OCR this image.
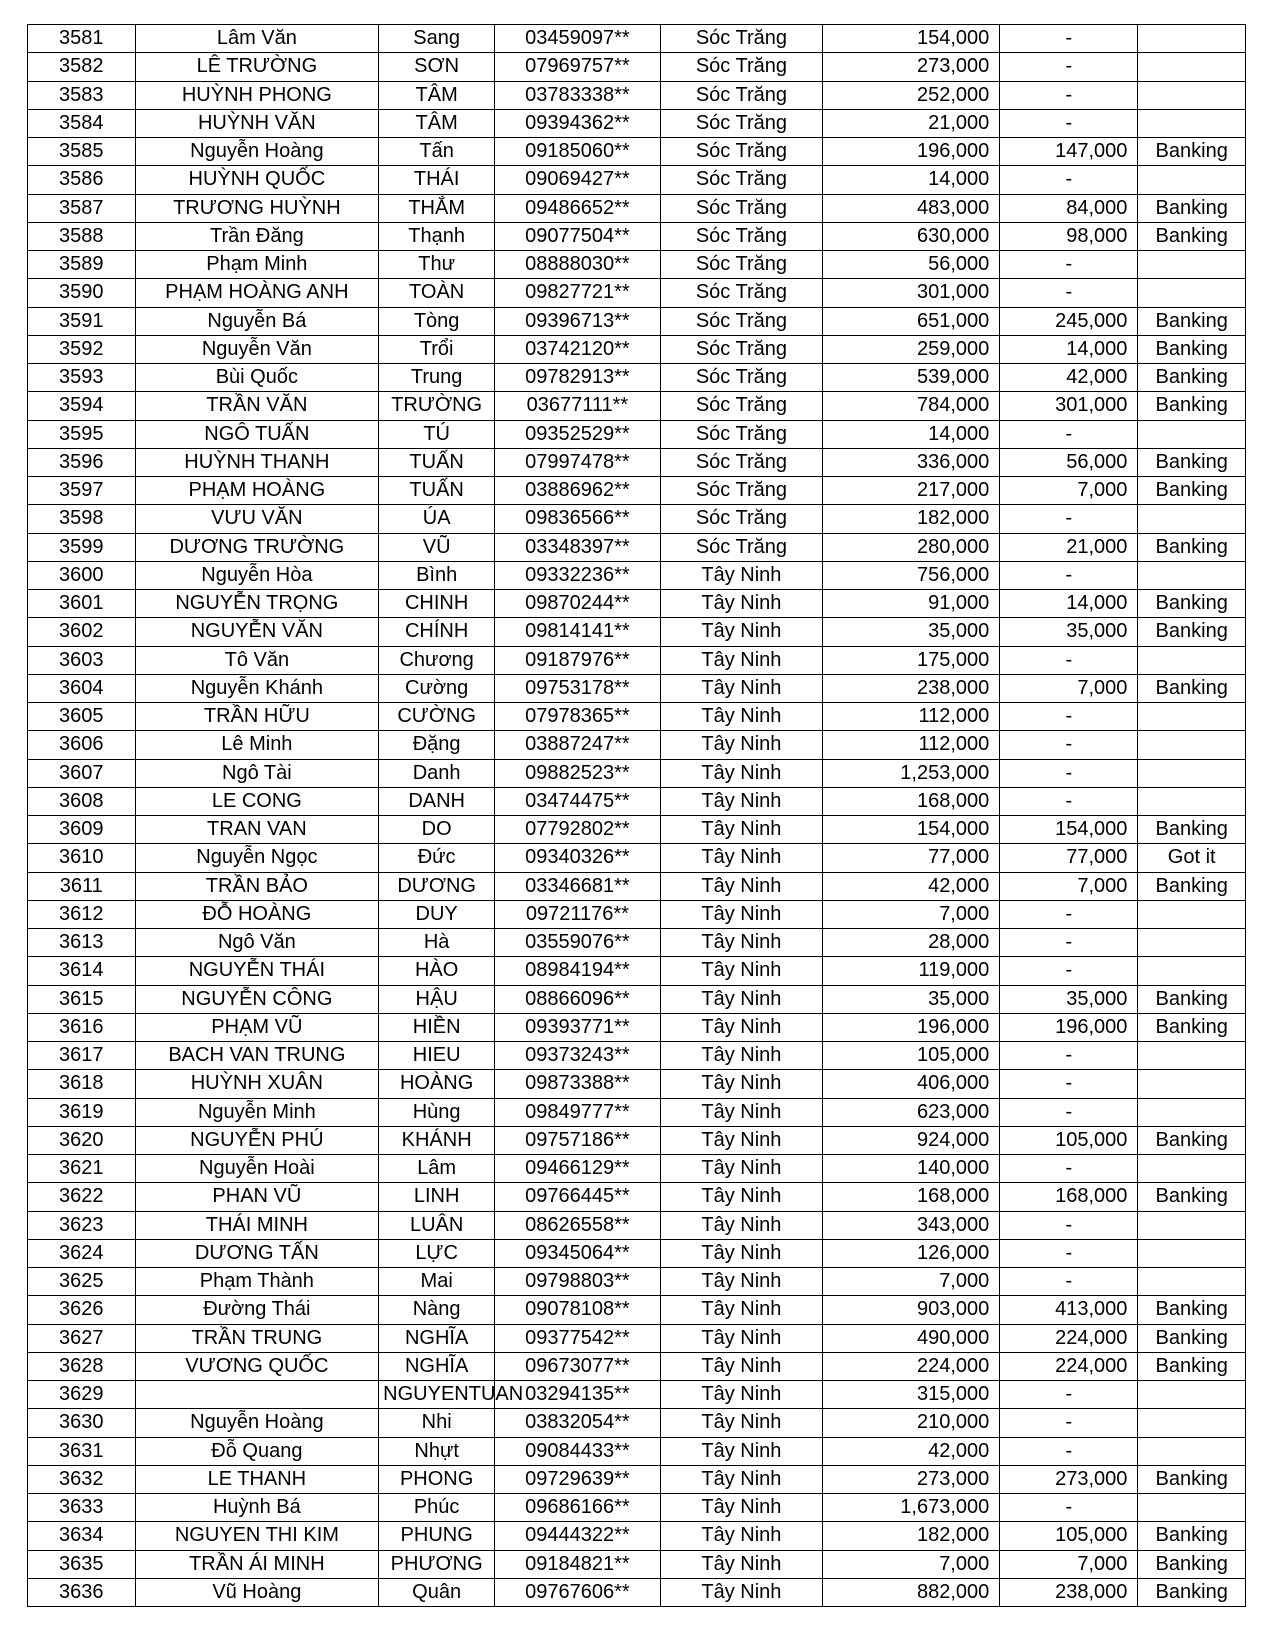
3581	Lâm Văn	Sang	03459097**	Sóc Trăng	154,000	-	
3582	LÊ TRƯỜNG	SƠN	07969757**	Sóc Trăng	273,000	-	
3583	HUỲNH PHONG	TÂM	03783338**	Sóc Trăng	252,000	-	
3584	HUỲNH VĂN	TÂM	09394362**	Sóc Trăng	21,000	-	
3585	Nguyễn Hoàng	Tấn	09185060**	Sóc Trăng	196,000	147,000	Banking
3586	HUỲNH QUỐC	THÁI	09069427**	Sóc Trăng	14,000	-	
3587	TRƯƠNG HUỲNH	THẮM	09486652**	Sóc Trăng	483,000	84,000	Banking
3588	Trần Đăng	Thạnh	09077504**	Sóc Trăng	630,000	98,000	Banking
3589	Phạm Minh	Thư	08888030**	Sóc Trăng	56,000	-	
3590	PHẠM HOÀNG ANH	TOÀN	09827721**	Sóc Trăng	301,000	-	
3591	Nguyễn Bá	Tòng	09396713**	Sóc Trăng	651,000	245,000	Banking
3592	Nguyễn Văn	Trổi	03742120**	Sóc Trăng	259,000	14,000	Banking
3593	Bùi Quốc	Trung	09782913**	Sóc Trăng	539,000	42,000	Banking
3594	TRẦN VĂN	TRƯỜNG	03677111**	Sóc Trăng	784,000	301,000	Banking
3595	NGÔ TUẤN	TÚ	09352529**	Sóc Trăng	14,000	-	
3596	HUỲNH THANH	TUẤN	07997478**	Sóc Trăng	336,000	56,000	Banking
3597	PHẠM HOÀNG	TUẤN	03886962**	Sóc Trăng	217,000	7,000	Banking
3598	VƯU VĂN	ÚA	09836566**	Sóc Trăng	182,000	-	
3599	DƯƠNG TRƯỜNG	VŨ	03348397**	Sóc Trăng	280,000	21,000	Banking
3600	Nguyễn Hòa	Bình	09332236**	Tây Ninh	756,000	-	
3601	NGUYỄN TRỌNG	CHINH	09870244**	Tây Ninh	91,000	14,000	Banking
3602	NGUYỄN VĂN	CHÍNH	09814141**	Tây Ninh	35,000	35,000	Banking
3603	Tô Văn	Chương	09187976**	Tây Ninh	175,000	-	
3604	Nguyễn Khánh	Cường	09753178**	Tây Ninh	238,000	7,000	Banking
3605	TRẦN HỮU	CƯỜNG	07978365**	Tây Ninh	112,000	-	
3606	Lê Minh	Đặng	03887247**	Tây Ninh	112,000	-	
3607	Ngô Tài	Danh	09882523**	Tây Ninh	1,253,000	-	
3608	LE CONG	DANH	03474475**	Tây Ninh	168,000	-	
3609	TRAN VAN	DO	07792802**	Tây Ninh	154,000	154,000	Banking
3610	Nguyễn Ngọc	Đức	09340326**	Tây Ninh	77,000	77,000	Got it
3611	TRẦN BẢO	DƯƠNG	03346681**	Tây Ninh	42,000	7,000	Banking
3612	ĐỖ HOÀNG	DUY	09721176**	Tây Ninh	7,000	-	
3613	Ngô Văn	Hà	03559076**	Tây Ninh	28,000	-	
3614	NGUYỄN THÁI	HÀO	08984194**	Tây Ninh	119,000	-	
3615	NGUYỄN CÔNG	HẬU	08866096**	Tây Ninh	35,000	35,000	Banking
3616	PHẠM VŨ	HIỀN	09393771**	Tây Ninh	196,000	196,000	Banking
3617	BACH VAN TRUNG	HIEU	09373243**	Tây Ninh	105,000	-	
3618	HUỲNH XUÂN	HOÀNG	09873388**	Tây Ninh	406,000	-	
3619	Nguyễn Minh	Hùng	09849777**	Tây Ninh	623,000	-	
3620	NGUYỄN PHÚ	KHÁNH	09757186**	Tây Ninh	924,000	105,000	Banking
3621	Nguyễn Hoài	Lâm	09466129**	Tây Ninh	140,000	-	
3622	PHAN VŨ	LINH	09766445**	Tây Ninh	168,000	168,000	Banking
3623	THÁI MINH	LUÂN	08626558**	Tây Ninh	343,000	-	
3624	DƯƠNG TẤN	LỰC	09345064**	Tây Ninh	126,000	-	
3625	Phạm Thành	Mai	09798803**	Tây Ninh	7,000	-	
3626	Đường Thái	Nàng	09078108**	Tây Ninh	903,000	413,000	Banking
3627	TRẦN TRUNG	NGHĨA	09377542**	Tây Ninh	490,000	224,000	Banking
3628	VƯƠNG QUỐC	NGHĨA	09673077**	Tây Ninh	224,000	224,000	Banking
3629		NGUYENTUAN	03294135**	Tây Ninh	315,000	-	
3630	Nguyễn Hoàng	Nhi	03832054**	Tây Ninh	210,000	-	
3631	Đỗ Quang	Nhựt	09084433**	Tây Ninh	42,000	-	
3632	LE THANH	PHONG	09729639**	Tây Ninh	273,000	273,000	Banking
3633	Huỳnh Bá	Phúc	09686166**	Tây Ninh	1,673,000	-	
3634	NGUYEN THI KIM	PHUNG	09444322**	Tây Ninh	182,000	105,000	Banking
3635	TRẦN ÁI MINH	PHƯƠNG	09184821**	Tây Ninh	7,000	7,000	Banking
3636	Vũ Hoàng	Quân	09767606**	Tây Ninh	882,000	238,000	Banking
